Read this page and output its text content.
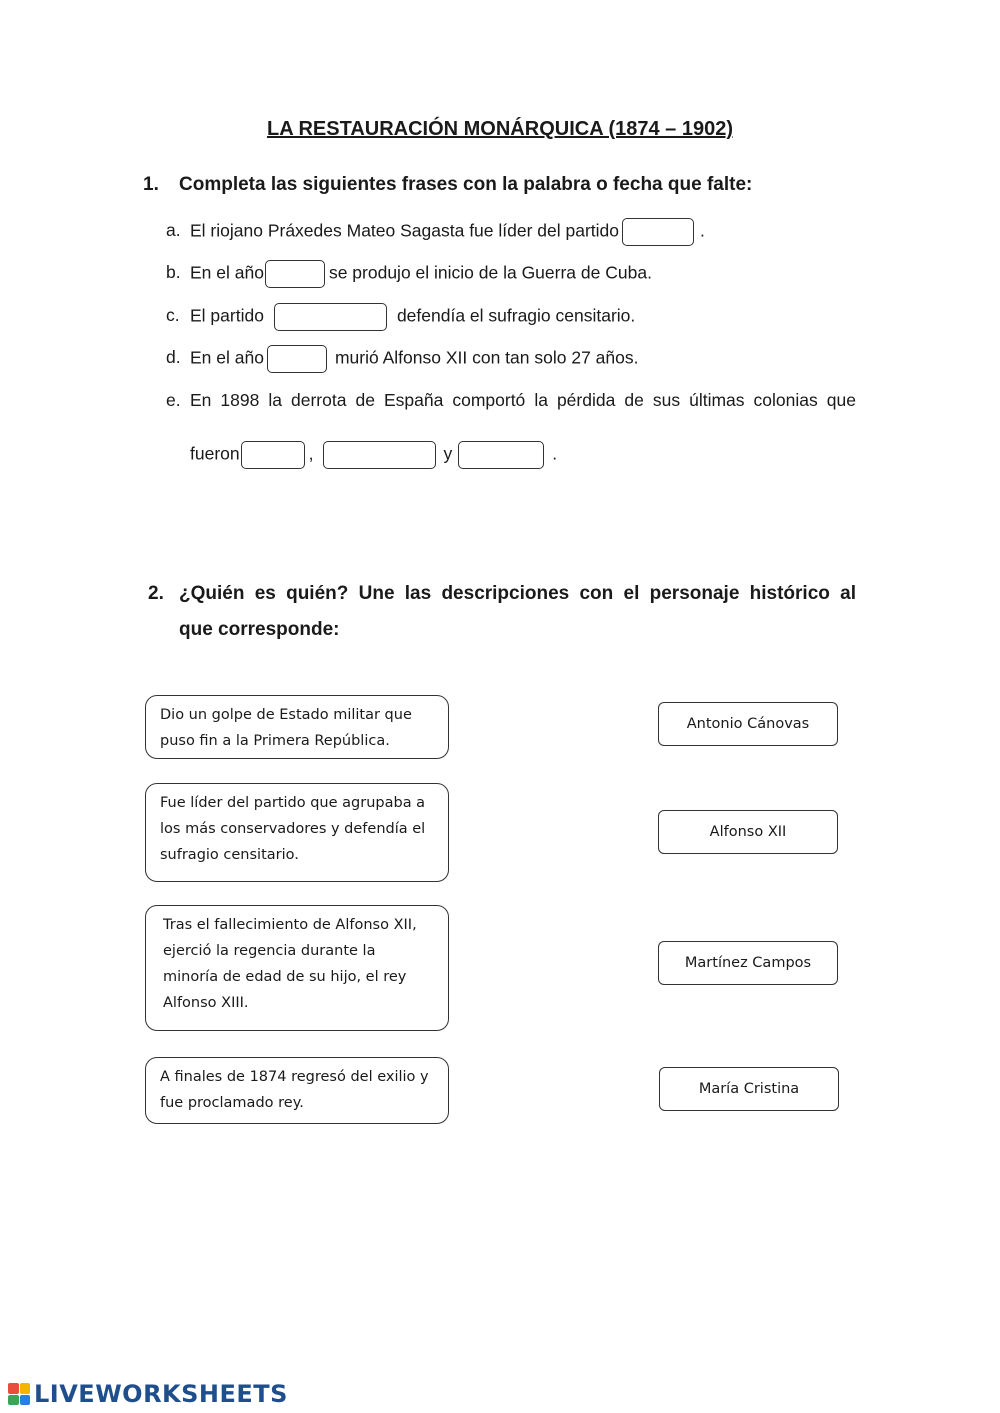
LA RESTAURACIÓN MONÁRQUICA (1874 – 1902)
1. Completa las siguientes frases con la palabra o fecha que falte:
a. El riojano Práxedes Mateo Sagasta fue líder del partido	.
b. En el año	se produjo el inicio de la Guerra de Cuba.
c. El partido	defendía el sufragio censitario.
d. En el año	murió Alfonso XII con tan solo 27 años.
e. En 1898 la derrota de España comportó la pérdida de sus últimas colonias que
fueron	,	y	.
2. ¿Quién es quién? Une las descripciones con el personaje histórico al
que corresponde:
Dio un golpe de Estado militar que puso fin a la Primera República.
Fue líder del partido que agrupaba a los más conservadores y defendía el sufragio censitario.
Tras el fallecimiento de Alfonso XII, ejerció la regencia durante la minoría de edad de su hijo, el rey Alfonso XIII.
A finales de 1874 regresó del exilio y fue proclamado rey.
Antonio Cánovas
Alfonso XII
Martínez Campos
María Cristina
LIVEWORKSHEETS
